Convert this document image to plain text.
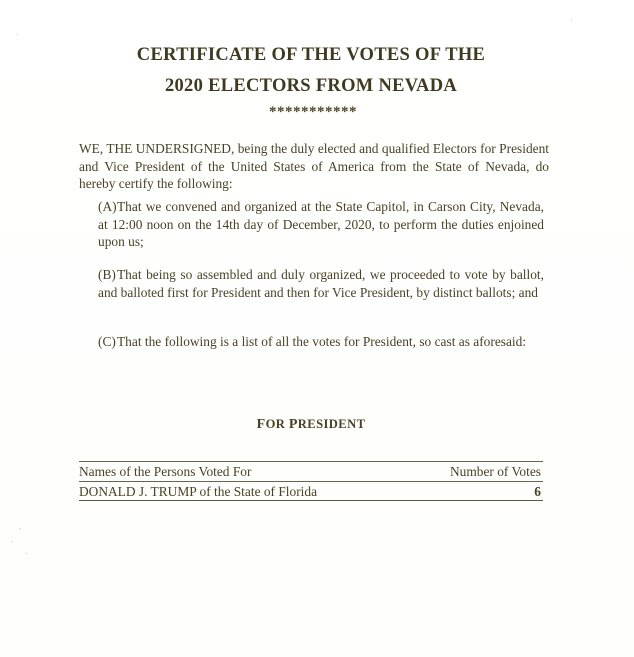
CERTIFICATE OF THE VOTES OF THE
2020 ELECTORS FROM NEVADA
***********
WE, THE UNDERSIGNED, being the duly elected and qualified Electors for President and Vice President of the United States of America from the State of Nevada, do hereby certify the following:
(A) That we convened and organized at the State Capitol, in Carson City, Nevada, at 12:00 noon on the 14th day of December, 2020, to perform the duties enjoined upon us;
(B) That being so assembled and duly organized, we proceeded to vote by ballot, and balloted first for President and then for Vice President, by distinct ballots; and
(C) That the following is a list of all the votes for President, so cast as aforesaid:
FOR PRESIDENT
Names of the Persons Voted For	Number of Votes
DONALD J. TRUMP of the State of Florida	6
